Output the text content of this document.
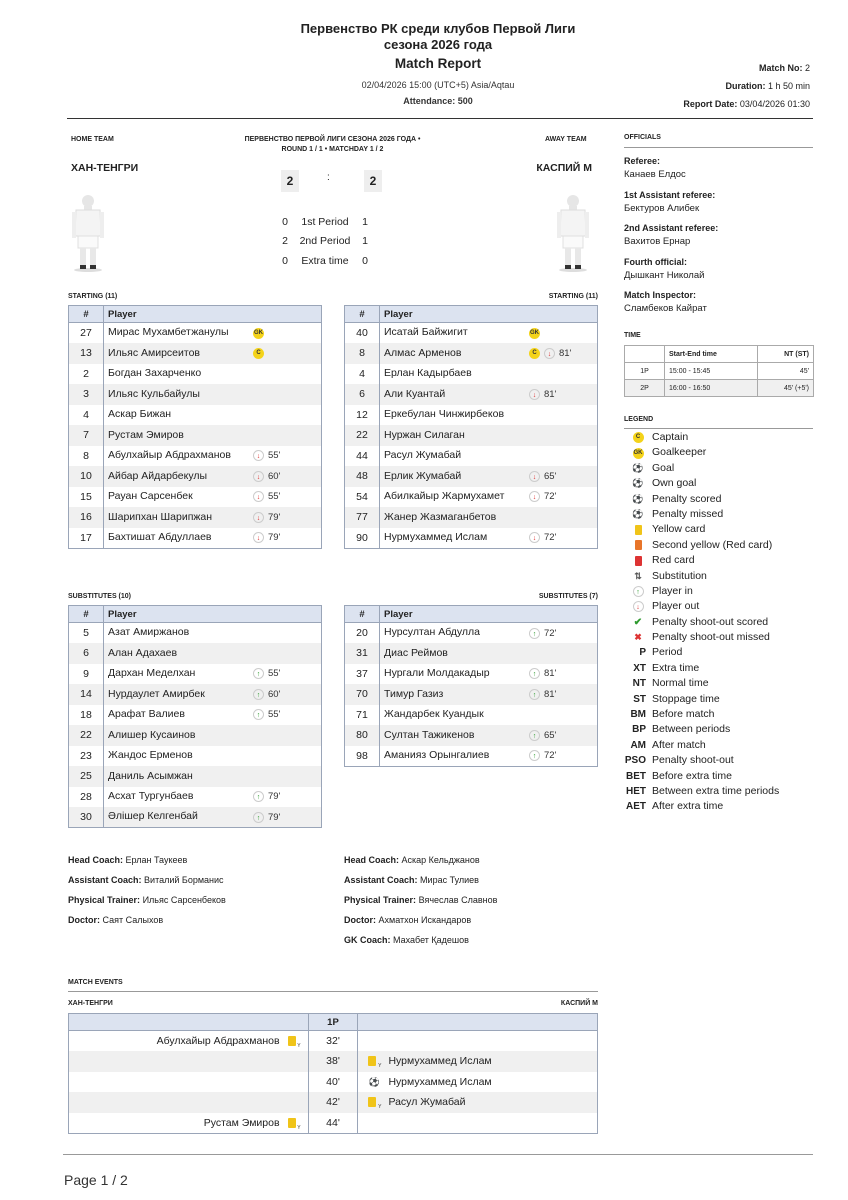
Первенство РК среди клубов Первой Лиги
сезона 2026 года
Match Report
02/04/2026 15:00 (UTC+5) Asia/Aqtau
Attendance: 500
Match No: 2
Duration: 1 h 50 min
Report Date: 03/04/2026 01:30
HOME TEAM	AWAY TEAM
ПЕРВЕНСТВО ПЕРВОЙ ЛИГИ СЕЗОНА 2026 ГОДА •
ROUND 1 / 1 • MATCHDAY 1 / 2
ХАН-ТЕНГРИ	КАСПИЙ М
2	:	2
0	1st Period	1
2	2nd Period	1
0	Extra time	0
STARTING (11)	STARTING (11)
#	Player
27	Мирас Мухамбетжанулы GK
13	Ильяс Амирсеитов C
2	Богдан Захарченко
3	Ильяс Кульбайулы
4	Аскар Бижан
7	Рустам Эмиров
8	Абулхайыр Абдрахманов ↓ 55'
10	Айбар Айдарбекулы ↓ 60'
15	Рауан Сарсенбек ↓ 55'
16	Шарипхан Шарипжан ↓ 79'
17	Бахтишат Абдуллаев ↓ 79'
#	Player
40	Исатай Байжигит GK
8	Алмас Арменов C ↓ 81'
4	Ерлан Кадырбаев
6	Али Куантай ↓ 81'
12	Еркебулан Чинжирбеков
22	Нуржан Силаган
44	Расул Жумабай
48	Ерлик Жумабай ↓ 65'
54	Абилкайыр Жармухамет ↓ 72'
77	Жанер Жазмаганбетов
90	Нурмухаммед Ислам ↓ 72'
SUBSTITUTES (10)	SUBSTITUTES (7)
#	Player
5	Азат Амиржанов
6	Алан Адахаев
9	Дархан Меделхан ↑ 55'
14	Нурдаулет Амирбек ↑ 60'
18	Арафат Валиев ↑ 55'
22	Алишер Кусаинов
23	Жандос Ерменов
25	Даниль Асымжан
28	Асхат Тургунбаев ↑ 79'
30	Әлішер Келгенбай ↑ 79'
#	Player
20	Нурсултан Абдулла ↑ 72'
31	Диас Реймов
37	Нургали Молдакадыр ↑ 81'
70	Тимур Газиз ↑ 81'
71	Жандарбек Куандык
80	Султан Тажикенов ↑ 65'
98	Аманияз Орынгалиев ↑ 72'
Head Coach: Ерлан Таукеев
Assistant Coach: Виталий Борманис
Physical Trainer: Ильяс Сарсенбеков
Doctor: Саят Салыхов
Head Coach: Аскар Кельджанов
Assistant Coach: Мирас Тулиев
Physical Trainer: Вячеслав Славнов
Doctor: Ахматхон Искандаров
GK Coach: Махабет Қадешов
OFFICIALS
Referee:
Канаев Елдос
1st Assistant referee:
Бектуров Алибек
2nd Assistant referee:
Вахитов Ернар
Fourth official:
Дышкант Николай
Match Inspector:
Сламбеков Кайрат
TIME
	Start-End time	NT (ST)
1P	15:00 - 15:45	45'
2P	16:00 - 16:50	45' (+5')
LEGEND
C	Captain
GK Goalkeeper
⚽ Goal
⚽ Own goal
⚽ Penalty scored
⚽ Penalty missed
Yellow card
Second yellow (Red card)
Red card
⇅ Substitution
↑	Player in
↓	Player out
✔ Penalty shoot-out scored
✖ Penalty shoot-out missed
P Period
XT Extra time
NT Normal time
ST Stoppage time
BM Before match
BP Between periods
AM After match
PSO Penalty shoot-out
BET Before extra time
HET Between extra time periods
AET After extra time
MATCH EVENTS
ХАН-ТЕНГРИ	КАСПИЙ М
	1P	
Абулхайыр АбдрахмановY	32'	
	38'	YНурмухаммед Ислам
	40'	⚽ Нурмухаммед Ислам
	42'	YРасул Жумабай
Рустам ЭмировY	44'	
Page 1 / 2
